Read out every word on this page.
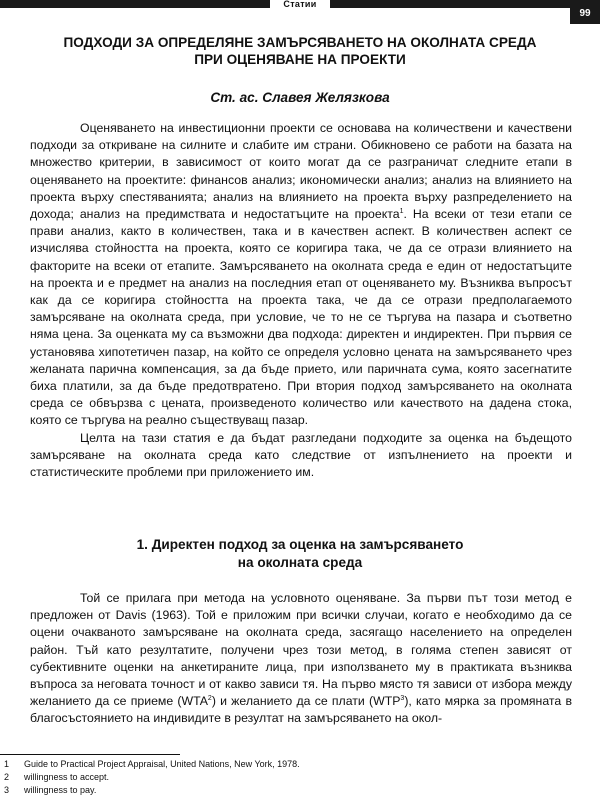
Статии
99
ПОДХОДИ ЗА ОПРЕДЕЛЯНЕ ЗАМЪРСЯВАНЕТО НА ОКОЛНАТА СРЕДА
ПРИ ОЦЕНЯВАНЕ НА ПРОЕКТИ
Ст. ас. Славея Желязкова

Оценяването на инвестиционни проекти се основава на количествени и качествени подходи за откриване на силните и слабите им страни. Обикновено се работи на базата на множество критерии, в зависимост от които могат да се разграничат следните етапи в оценяването на проектите: финансов анализ; икономически анализ; анализ на влиянието на проекта върху спестяванията; анализ на влиянието на проекта върху разпределението на дохода; анализ на предимствата и недостатъците на проекта$^1$. На всеки от тези етапи се прави анализ, както в количествен, така и в качествен аспект. В количествен аспект се изчислява стойността на проекта, която се коригира така, че да се отрази влиянието на факторите на всеки от етапите. Замърсяването на околната среда е един от недостатъците на проекта и е предмет на анализ на последния етап от оценяването му. Възниква въпросът как да се коригира стойността на проекта така, че да се отрази предполагаемото замърсяване на околната среда, при условие, че то не се търгува на пазара и съответно няма цена. За оценката му са възможни два подхода: директен и индиректен. При първия се установява хипотетичен пазар, на който се определя условно цената на замърсяването чрез желаната парична компенсация, за да бъде прието, или паричната сума, която засегнатите биха платили, за да бъде предотвратено. При втория подход замърсяването на околната среда се обвързва с цената, произведеното количество или качеството на дадена стока, която се търгува на реално съществуващ пазар.

Целта на тази статия е да бъдат разгледани подходите за оценка на бъдещото замърсяване на околната среда като следствие от изпълнението на проекти и статистическите проблеми при приложението им.

1. Директен подход за оценка на замърсяването
на околната среда

Той се прилага при метода на условното оценяване. За първи път този метод е предложен от Davis (1963). Той е приложим при всички случаи, когато е необходимо да се оцени очакваното замърсяване на околната среда, засягащо населението на определен район. Тъй като резултатите, получени чрез този метод, в голяма степен зависят от субективните оценки на анкетираните лица, при използването му в практиката възниква въпроса за неговата точност и от какво зависи тя. На първо място тя зависи от избора между желанието да се приеме (WTA$^2$) и желанието да се плати (WTP$^3$), като мярка за промяната в благосъстоянието на индивидите в резултат на замърсяването на окол-

1	Guide to Practical Project Appraisal, United Nations, New York, 1978.
2	willingness to accept.
3	willingness to pay.
